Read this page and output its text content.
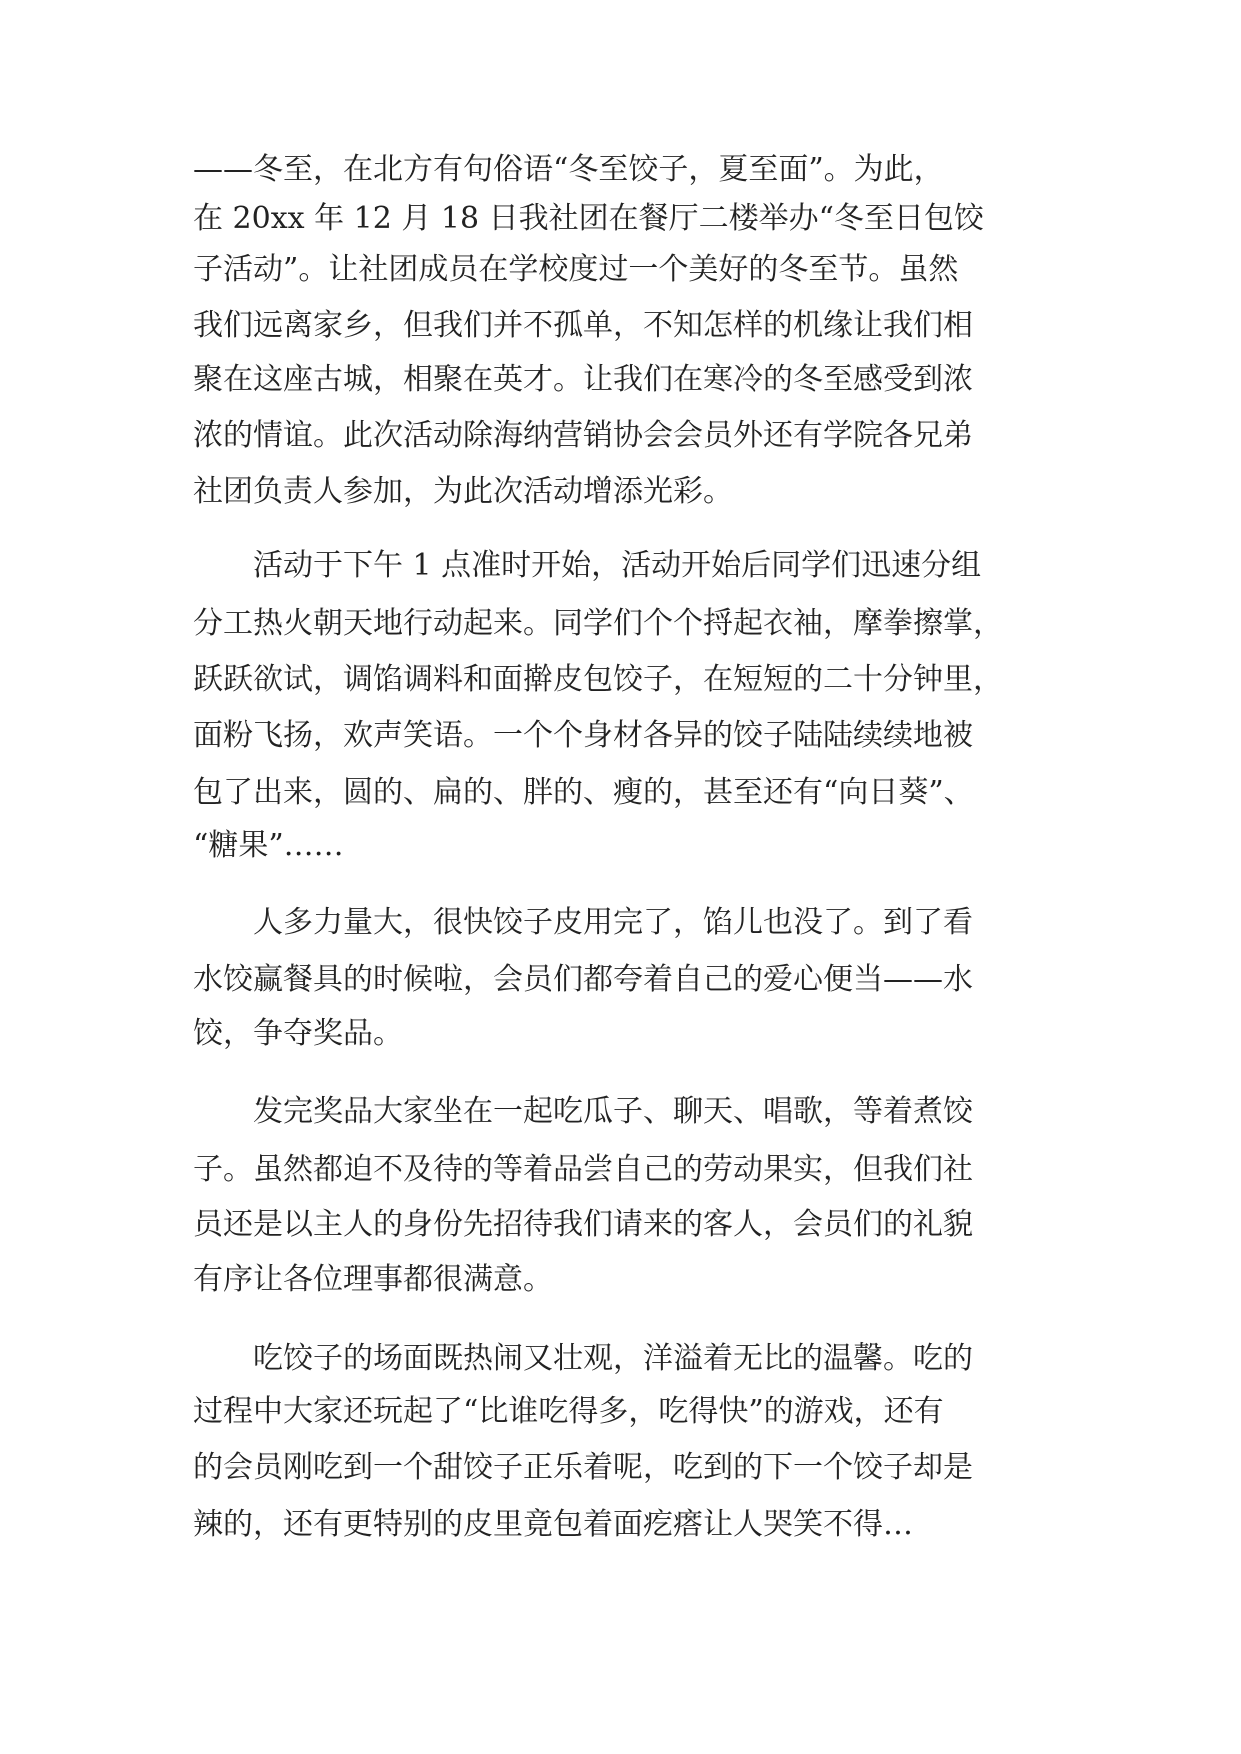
——冬至，在北方有句俗语“冬至饺子，夏至面”。为此，

在 20xx 年 12 月 18 日我社团在餐厅二楼举办“冬至日包饺

子活动”。让社团成员在学校度过一个美好的冬至节。虽然

我们远离家乡，但我们并不孤单，不知怎样的机缘让我们相

聚在这座古城，相聚在英才。让我们在寒冷的冬至感受到浓

浓的情谊。此次活动除海纳营销协会会员外还有学院各兄弟

社团负责人参加，为此次活动增添光彩。

　　活动于下午 1 点准时开始，活动开始后同学们迅速分组

分工热火朝天地行动起来。同学们个个捋起衣袖，摩拳擦掌，

跃跃欲试，调馅调料和面擀皮包饺子，在短短的二十分钟里，

面粉飞扬，欢声笑语。一个个身材各异的饺子陆陆续续地被

包了出来，圆的、扁的、胖的、瘦的，甚至还有“向日葵”、

“糖果”……

　　人多力量大，很快饺子皮用完了，馅儿也没了。到了看

水饺赢餐具的时候啦，会员们都夸着自己的爱心便当——水

饺，争夺奖品。

　　发完奖品大家坐在一起吃瓜子、聊天、唱歌，等着煮饺

子。虽然都迫不及待的等着品尝自己的劳动果实，但我们社

员还是以主人的身份先招待我们请来的客人，会员们的礼貌

有序让各位理事都很满意。

　　吃饺子的场面既热闹又壮观，洋溢着无比的温馨。吃的

过程中大家还玩起了“比谁吃得多，吃得快”的游戏，还有

的会员刚吃到一个甜饺子正乐着呢，吃到的下一个饺子却是

辣的，还有更特别的皮里竟包着面疙瘩让人哭笑不得…
